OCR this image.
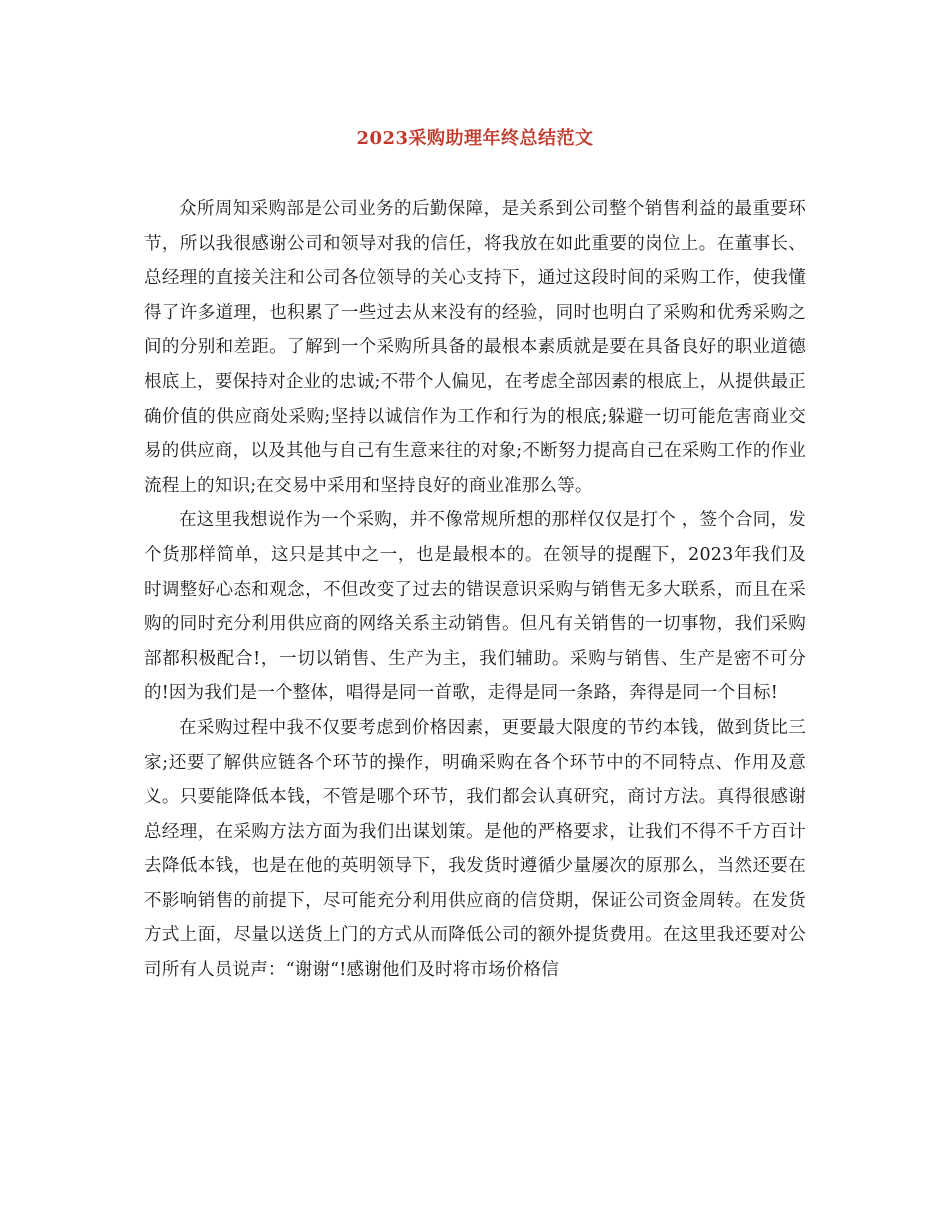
2023采购助理年终总结范文

众所周知采购部是公司业务的后勤保障，是关系到公司整个销售利益的最重要环节，所以我很感谢公司和领导对我的信任，将我放在如此重要的岗位上。在董事长、总经理的直接关注和公司各位领导的关心支持下，通过这段时间的采购工作，使我懂得了许多道理，也积累了一些过去从来没有的经验，同时也明白了采购和优秀采购之间的分别和差距。了解到一个采购所具备的最根本素质就是要在具备良好的职业道德根底上，要保持对企业的忠诚;不带个人偏见，在考虑全部因素的根底上，从提供最正确价值的供应商处采购;坚持以诚信作为工作和行为的根底;躲避一切可能危害商业交易的供应商，以及其他与自己有生意来往的对象;不断努力提高自己在采购工作的作业流程上的知识;在交易中采用和坚持良好的商业准那么等。

在这里我想说作为一个采购，并不像常规所想的那样仅仅是打个 ，签个合同，发个货那样简单，这只是其中之一，也是最根本的。在领导的提醒下，2023年我们及时调整好心态和观念，不但改变了过去的错误意识采购与销售无多大联系，而且在采购的同时充分利用供应商的网络关系主动销售。但凡有关销售的一切事物，我们采购部都积极配合!，一切以销售、生产为主，我们辅助。采购与销售、生产是密不可分的!因为我们是一个整体，唱得是同一首歌，走得是同一条路，奔得是同一个目标!

在采购过程中我不仅要考虑到价格因素，更要最大限度的节约本钱，做到货比三家;还要了解供应链各个环节的操作，明确采购在各个环节中的不同特点、作用及意义。只要能降低本钱，不管是哪个环节，我们都会认真研究，商讨方法。真得很感谢总经理，在采购方法方面为我们出谋划策。是他的严格要求，让我们不得不千方百计去降低本钱，也是在他的英明领导下，我发货时遵循少量屡次的原那么，当然还要在不影响销售的前提下，尽可能充分利用供应商的信贷期，保证公司资金周转。在发货方式上面，尽量以送货上门的方式从而降低公司的额外提货费用。在这里我还要对公司所有人员说声：“谢谢“!感谢他们及时将市场价格信
